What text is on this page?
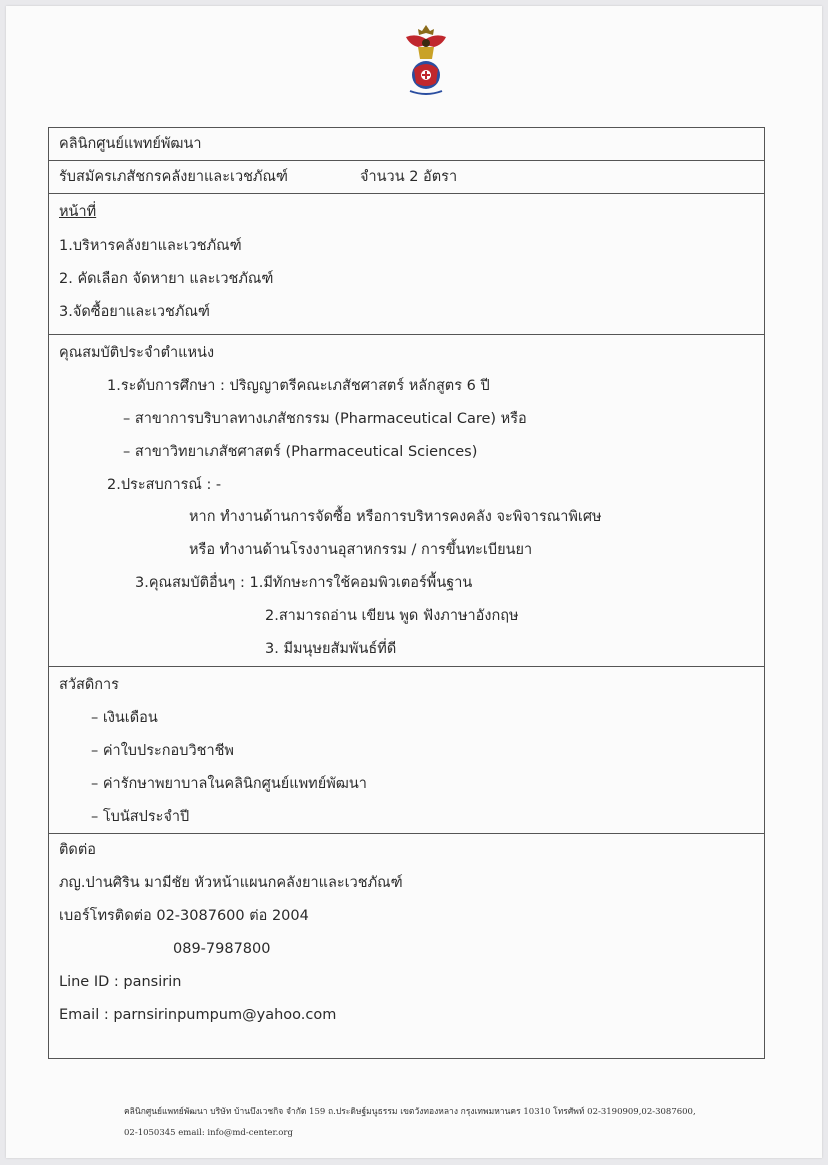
คลินิกศูนย์แพทย์พัฒนา
รับสมัครเภสัชกรคลังยาและเวชภัณฑ์	จำนวน 2 อัตรา
หน้าที่
1.บริหารคลังยาและเวชภัณฑ์
2. คัดเลือก จัดหายา และเวชภัณฑ์
3.จัดซื้อยาและเวชภัณฑ์
คุณสมบัติประจำตำแหน่ง
1.ระดับการศึกษา : ปริญญาตรีคณะเภสัชศาสตร์ หลักสูตร 6 ปี
– สาขาการบริบาลทางเภสัชกรรม (Pharmaceutical Care) หรือ
– สาขาวิทยาเภสัชศาสตร์ (Pharmaceutical Sciences)
2.ประสบการณ์ : -
หาก ทำงานด้านการจัดซื้อ หรือการบริหารคงคลัง จะพิจารณาพิเศษ
หรือ ทำงานด้านโรงงานอุสาหกรรม / การขึ้นทะเบียนยา
3.คุณสมบัติอื่นๆ : 1.มีทักษะการใช้คอมพิวเตอร์พื้นฐาน
2.สามารถอ่าน เขียน พูด ฟังภาษาอังกฤษ
3. มีมนุษยสัมพันธ์ที่ดี
สวัสดิการ
– เงินเดือน
– ค่าใบประกอบวิชาชีพ
– ค่ารักษาพยาบาลในคลินิกศูนย์แพทย์พัฒนา
– โบนัสประจำปี
ติดต่อ
ภญ.ปานศิริน มามีชัย หัวหน้าแผนกคลังยาและเวชภัณฑ์
เบอร์โทรติดต่อ 02-3087600 ต่อ 2004
089-7987800
Line ID : pansirin
Email : parnsirinpumpum@yahoo.com
คลินิกศูนย์แพทย์พัฒนา บริษัท บ้านบึงเวชกิจ จำกัด 159 ถ.ประดิษฐ์มนูธรรม เขตวังทองหลาง กรุงเทพมหานคร 10310 โทรศัพท์ 02-3190909,02-3087600,
02-1050345 email: info@md-center.org
